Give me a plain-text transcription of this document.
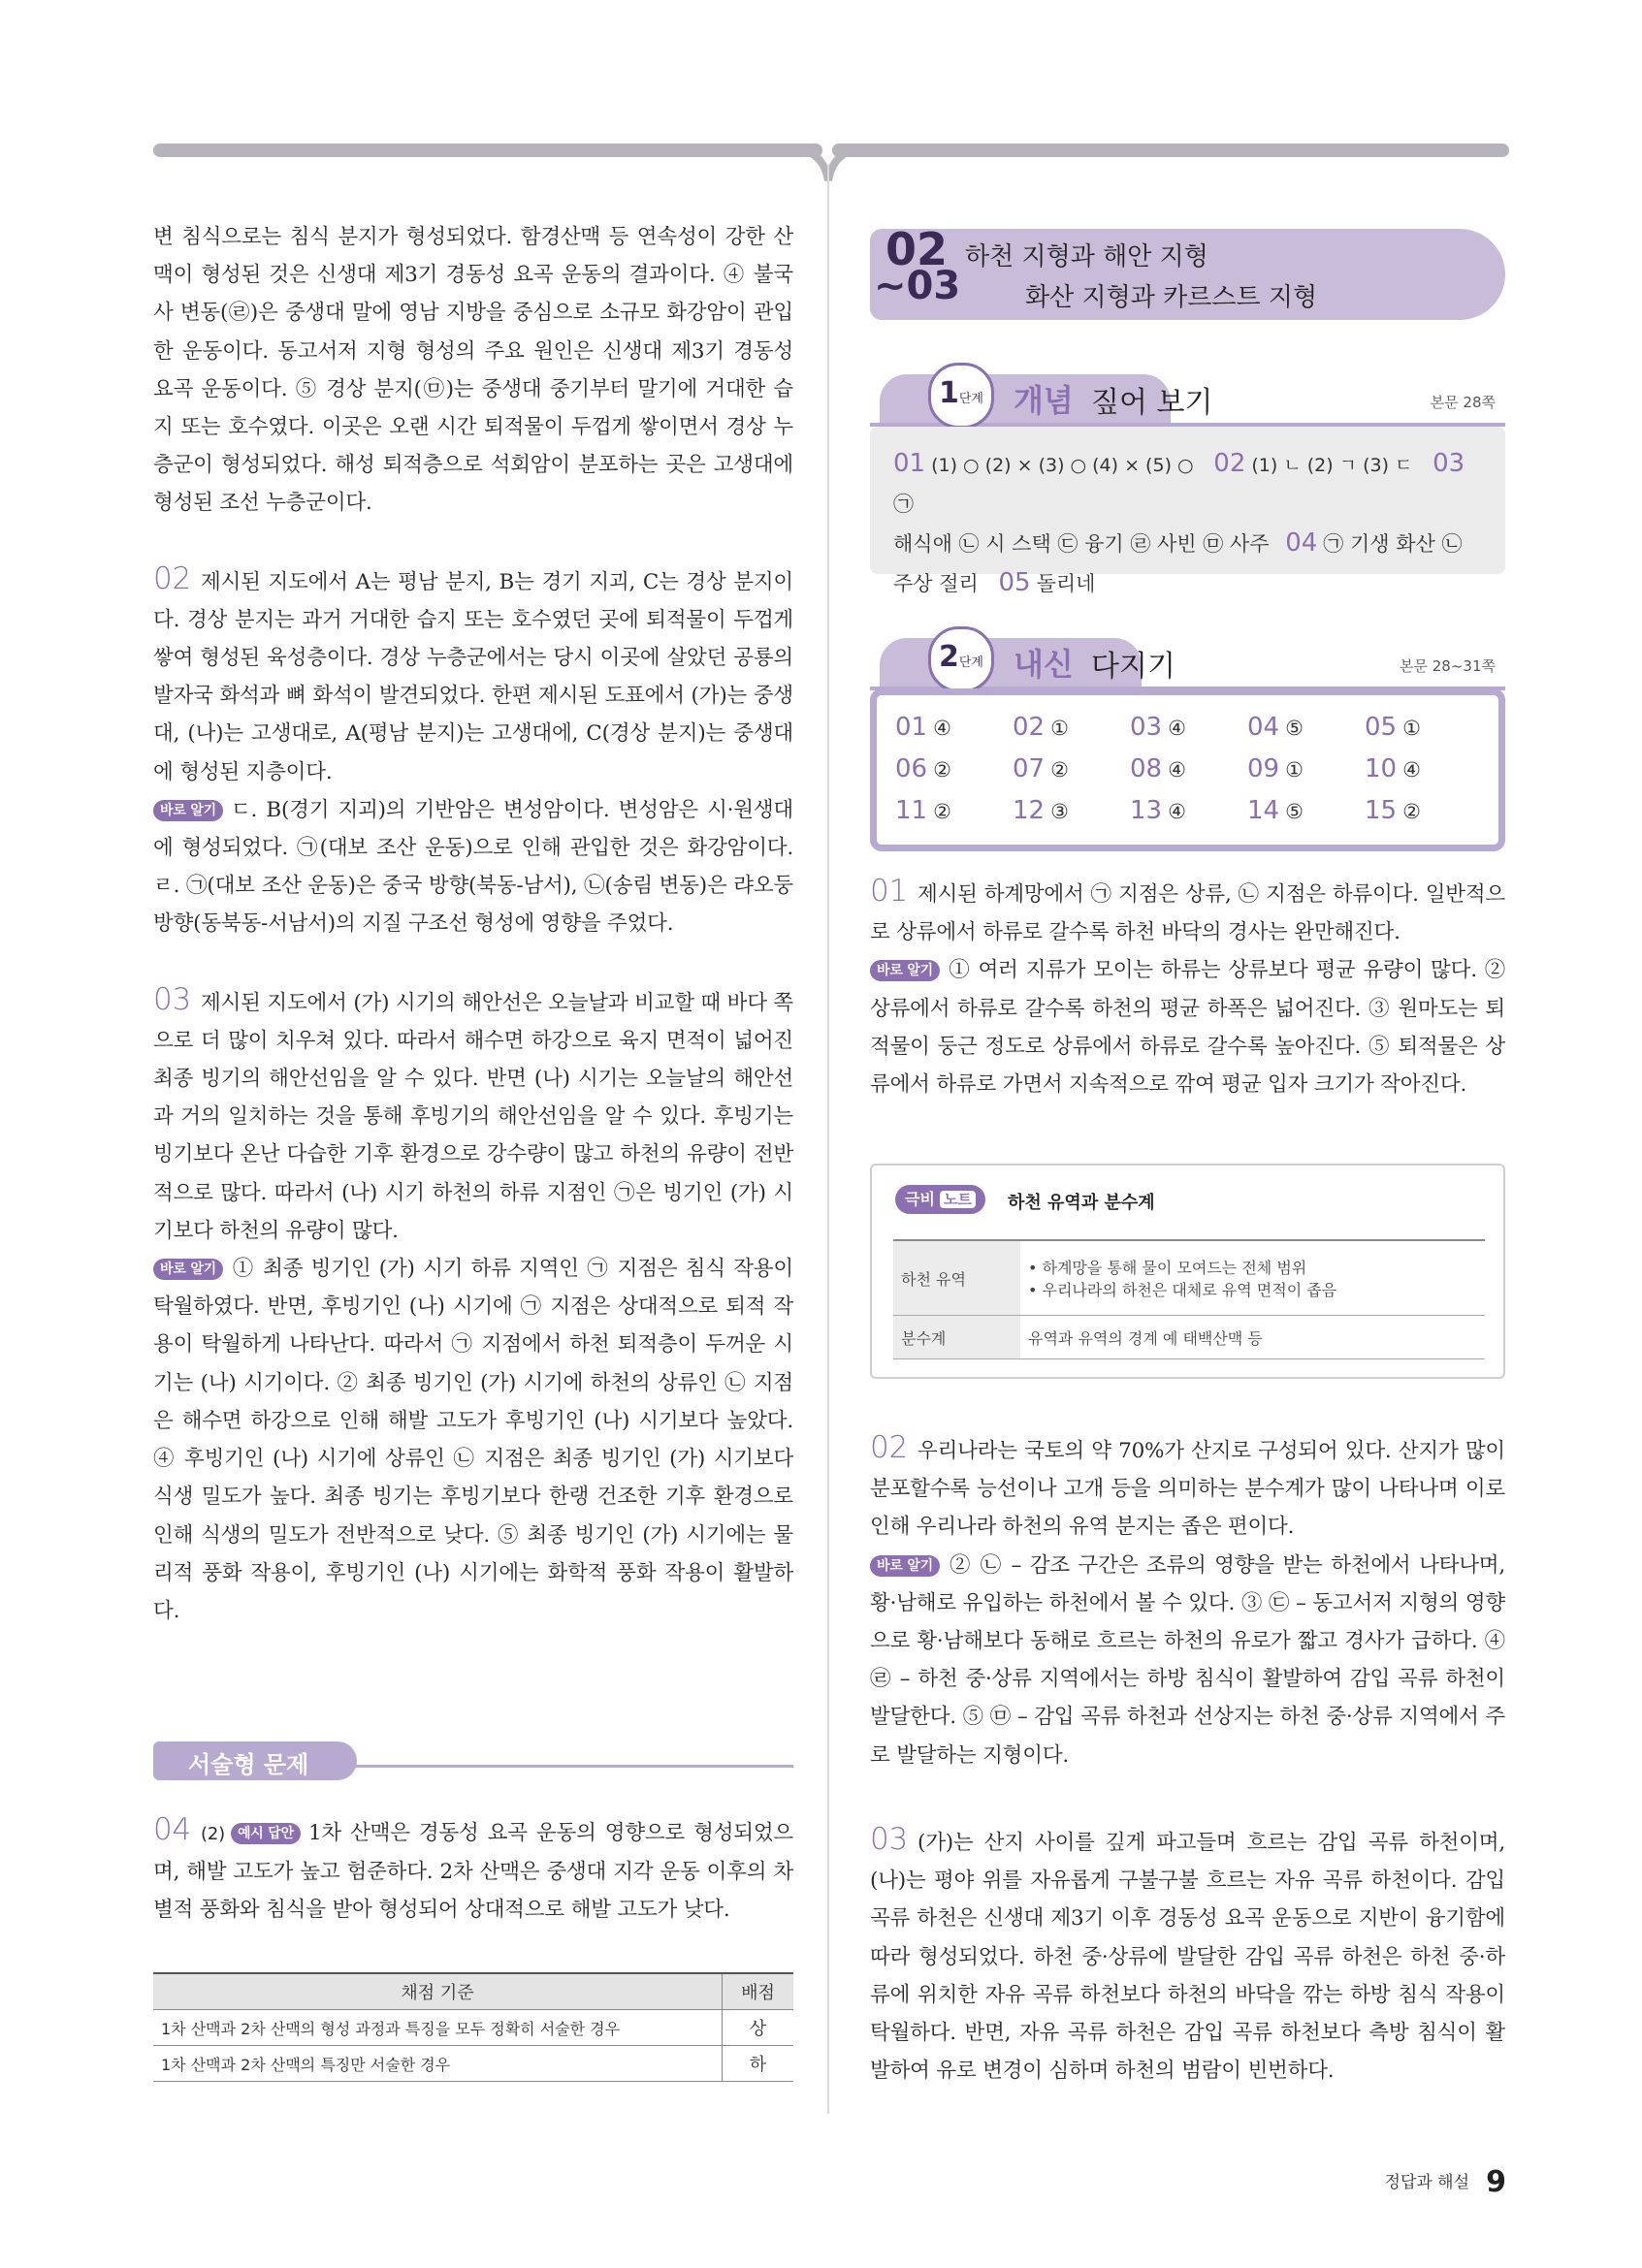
변 침식으로는 침식 분지가 형성되었다. 함경산맥 등 연속성이 강한 산맥이 형성된 것은 신생대 제3기 경동성 요곡 운동의 결과이다. ④ 불국사 변동(㉣)은 중생대 말에 영남 지방을 중심으로 소규모 화강암이 관입한 운동이다. 동고서저 지형 형성의 주요 원인은 신생대 제3기 경동성 요곡 운동이다. ⑤ 경상 분지(㉤)는 중생대 중기부터 말기에 거대한 습지 또는 호수였다. 이곳은 오랜 시간 퇴적물이 두껍게 쌓이면서 경상 누층군이 형성되었다. 해성 퇴적층으로 석회암이 분포하는 곳은 고생대에 형성된 조선 누층군이다.
02 제시된 지도에서 A는 평남 분지, B는 경기 지괴, C는 경상 분지이다. 경상 분지는 과거 거대한 습지 또는 호수였던 곳에 퇴적물이 두껍게 쌓여 형성된 육성층이다. 경상 누층군에서는 당시 이곳에 살았던 공룡의 발자국 화석과 뼈 화석이 발견되었다. 한편 제시된 도표에서 (가)는 중생대, (나)는 고생대로, A(평남 분지)는 고생대에, C(경상 분지)는 중생대에 형성된 지층이다.
바로 알기 ㄷ. B(경기 지괴)의 기반암은 변성암이다. 변성암은 시·원생대에 형성되었다. ㉠(대보 조산 운동)으로 인해 관입한 것은 화강암이다. ㄹ. ㉠(대보 조산 운동)은 중국 방향(북동-남서), ㉡(송림 변동)은 랴오둥 방향(동북동-서남서)의 지질 구조선 형성에 영향을 주었다.
03 제시된 지도에서 (가) 시기의 해안선은 오늘날과 비교할 때 바다 쪽으로 더 많이 치우쳐 있다. 따라서 해수면 하강으로 육지 면적이 넓어진 최종 빙기의 해안선임을 알 수 있다. 반면 (나) 시기는 오늘날의 해안선과 거의 일치하는 것을 통해 후빙기의 해안선임을 알 수 있다. 후빙기는 빙기보다 온난 다습한 기후 환경으로 강수량이 많고 하천의 유량이 전반적으로 많다. 따라서 (나) 시기 하천의 하류 지점인 ㉠은 빙기인 (가) 시기보다 하천의 유량이 많다.
바로 알기 ① 최종 빙기인 (가) 시기 하류 지역인 ㉠ 지점은 침식 작용이 탁월하였다. 반면, 후빙기인 (나) 시기에 ㉠ 지점은 상대적으로 퇴적 작용이 탁월하게 나타난다. 따라서 ㉠ 지점에서 하천 퇴적층이 두꺼운 시기는 (나) 시기이다. ② 최종 빙기인 (가) 시기에 하천의 상류인 ㉡ 지점은 해수면 하강으로 인해 해발 고도가 후빙기인 (나) 시기보다 높았다. ④ 후빙기인 (나) 시기에 상류인 ㉡ 지점은 최종 빙기인 (가) 시기보다 식생 밀도가 높다. 최종 빙기는 후빙기보다 한랭 건조한 기후 환경으로 인해 식생의 밀도가 전반적으로 낮다. ⑤ 최종 빙기인 (가) 시기에는 물리적 풍화 작용이, 후빙기인 (나) 시기에는 화학적 풍화 작용이 활발하다.
서술형 문제
04 (2) 예시 답안 1차 산맥은 경동성 요곡 운동의 영향으로 형성되었으며, 해발 고도가 높고 험준하다. 2차 산맥은 중생대 지각 운동 이후의 차별적 풍화와 침식을 받아 형성되어 상대적으로 해발 고도가 낮다.
채점 기준	배점
1차 산맥과 2차 산맥의 형성 과정과 특징을 모두 정확히 서술한 경우	상
1차 산맥과 2차 산맥의 특징만 서술한 경우	하
02
~03
하천 지형과 해안 지형
화산 지형과 카르스트 지형
1단계 개념 짚어 보기	본문 28쪽
01 (1) ○ (2) × (3) ○ (4) × (5) ○ 02 (1) ㄴ (2) ㄱ (3) ㄷ 03㉠
해식애 ㉡ 시 스택 ㉢ 융기 ㉣ 사빈 ㉤ 사주 04 ㉠ 기생 화산 ㉡
주상 절리 05 돌리네
2단계 내신 다지기	본문 28~31쪽
01 ④	02 ①	03 ④	04 ⑤	05 ①
06 ②	07 ②	08 ④	09 ①	10 ④
11 ②	12 ③	13 ④	14 ⑤	15 ②
01 제시된 하계망에서 ㉠ 지점은 상류, ㉡ 지점은 하류이다. 일반적으로 상류에서 하류로 갈수록 하천 바닥의 경사는 완만해진다.
바로 알기 ① 여러 지류가 모이는 하류는 상류보다 평균 유량이 많다. ② 상류에서 하류로 갈수록 하천의 평균 하폭은 넓어진다. ③ 원마도는 퇴적물이 둥근 정도로 상류에서 하류로 갈수록 높아진다. ⑤ 퇴적물은 상류에서 하류로 가면서 지속적으로 깎여 평균 입자 크기가 작아진다.
극비 노트	하천 유역과 분수계
하천 유역	• 하계망을 통해 물이 모여드는 전체 범위
• 우리나라의 하천은 대체로 유역 면적이 좁음

분수계	유역과 유역의 경계 예 태백산맥 등
02 우리나라는 국토의 약 70%가 산지로 구성되어 있다. 산지가 많이 분포할수록 능선이나 고개 등을 의미하는 분수계가 많이 나타나며 이로 인해 우리나라 하천의 유역 분지는 좁은 편이다.
바로 알기 ② ㉡ – 감조 구간은 조류의 영향을 받는 하천에서 나타나며, 황·남해로 유입하는 하천에서 볼 수 있다. ③ ㉢ – 동고서저 지형의 영향으로 황·남해보다 동해로 흐르는 하천의 유로가 짧고 경사가 급하다. ④ ㉣ – 하천 중·상류 지역에서는 하방 침식이 활발하여 감입 곡류 하천이 발달한다. ⑤ ㉤ – 감입 곡류 하천과 선상지는 하천 중·상류 지역에서 주로 발달하는 지형이다.
03 (가)는 산지 사이를 깊게 파고들며 흐르는 감입 곡류 하천이며, (나)는 평야 위를 자유롭게 구불구불 흐르는 자유 곡류 하천이다. 감입 곡류 하천은 신생대 제3기 이후 경동성 요곡 운동으로 지반이 융기함에 따라 형성되었다. 하천 중·상류에 발달한 감입 곡류 하천은 하천 중·하류에 위치한 자유 곡류 하천보다 하천의 바닥을 깎는 하방 침식 작용이 탁월하다. 반면, 자유 곡류 하천은 감입 곡류 하천보다 측방 침식이 활발하여 유로 변경이 심하며 하천의 범람이 빈번하다.
정답과 해설 9
